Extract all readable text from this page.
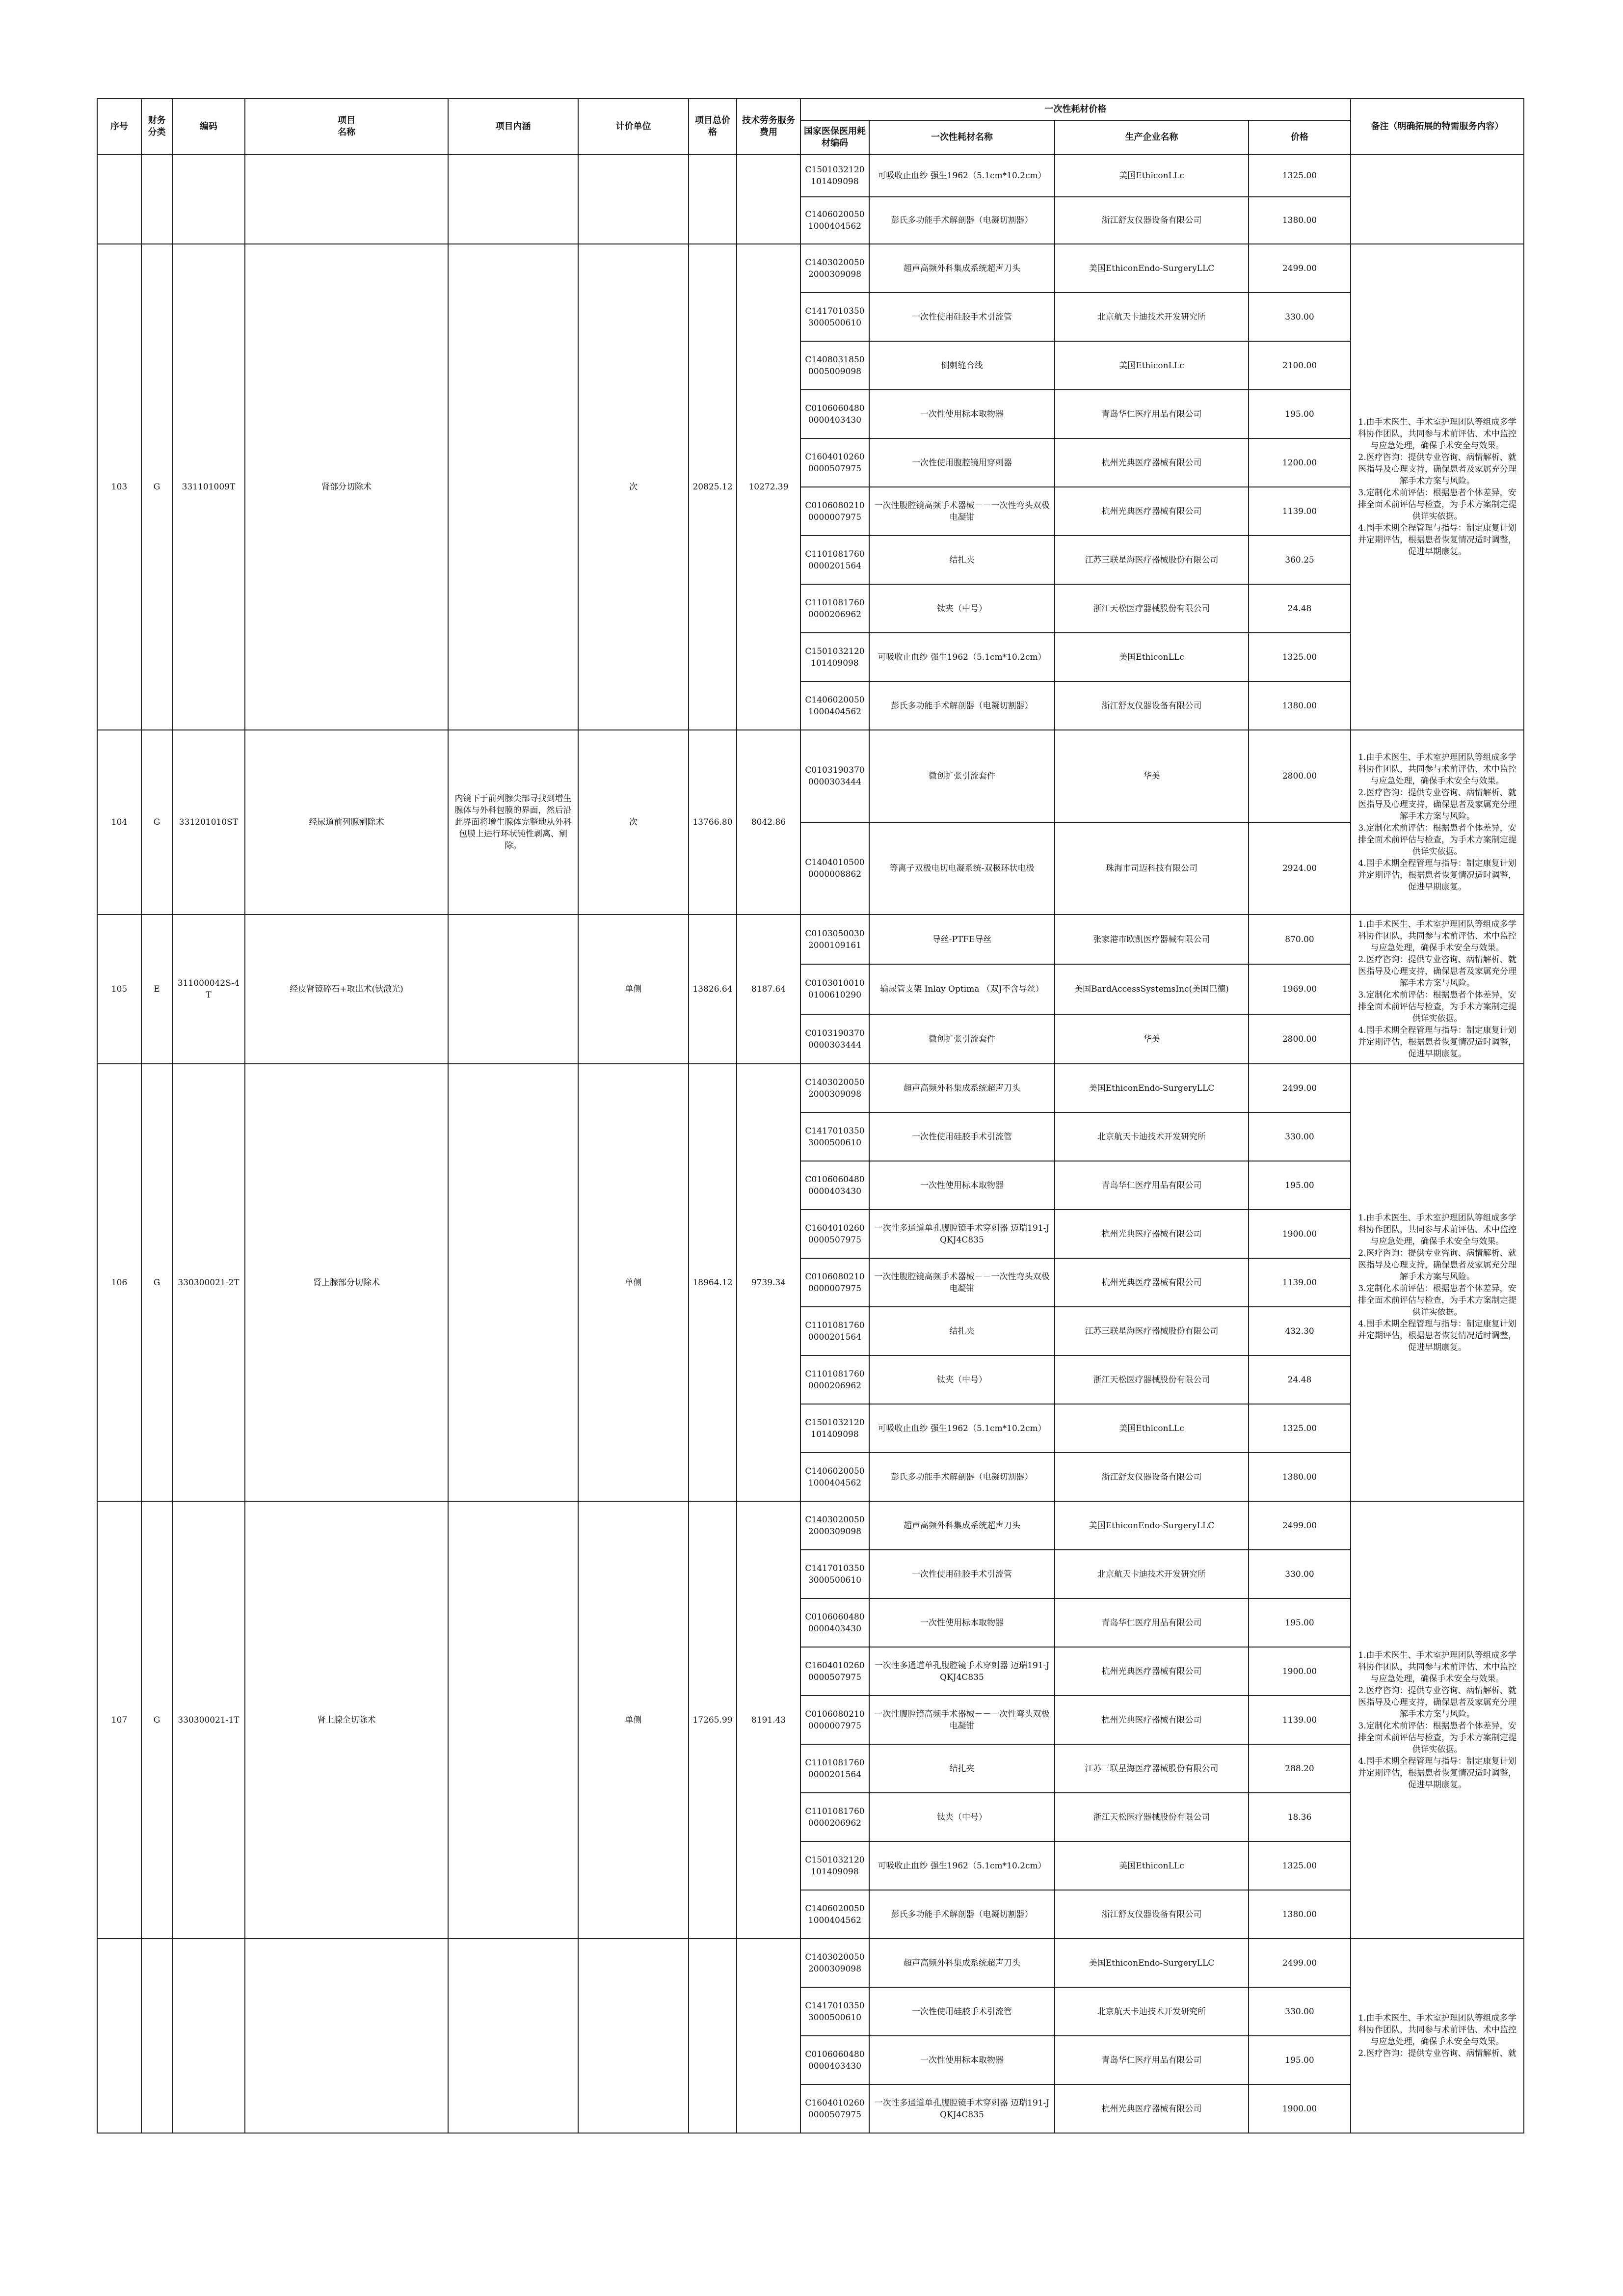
序号	财务分类	编码	项目
名称	项目内涵	计价单位	项目总价格	技术劳务服务费用	一次性耗材价格				备注（明确拓展的特需服务内容）
								国家医保医用耗材编码	一次性耗材名称	生产企业名称	价格	
								C15010321201014090​98	可吸收止血纱 强生1962（5.1cm*10.2cm）	美国EthiconLLc	1325.00	
								C14060200501000404562	彭氏多功能手术解剖器（电凝切割器）	浙江舒友仪器设备有限公司	1380.00	
103	G	331101009T	肾部分切除术		次	20825.12	10272.39	C14030200502000309098	超声高频外科集成系统超声刀头	美国EthiconEndo-SurgeryLLC	2499.00	1.由手术医生、手术室护理团队等组成多学科协作团队，共同参与术前评估、术中监控与应急处理，确保手术安全与效果。
2.医疗咨询：提供专业咨询、病情解析、就医指导及心理支持，确保患者及家属充分理解手术方案与风险。
3.定制化术前评估：根据患者个体差异，安排全面术前评估与检查，为手术方案制定提供详实依据。
4.围手术期全程管理与指导：制定康复计划并定期评估，根据患者恢复情况适时调整，促进早期康复。
								C14170103503000500610	一次性使用硅胶手术引流管	北京航天卡迪技术开发研究所	330.00	
								C14080318500005009098	倒刺缝合线	美国EthiconLLc	2100.00	
								C01060604800000403430	一次性使用标本取物器	青岛华仁医疗用品有限公司	195.00	
								C16040102600000507975	一次性使用腹腔镜用穿刺器	杭州光典医疗器械有限公司	1200.00	
								C01060802100000007975	一次性腹腔镜高频手术器械－－一次性弯头双极电凝钳	杭州光典医疗器械有限公司	1139.00	
								C11010817600000201564	结扎夹	江苏三联星海医疗器械股份有限公司	360.25	
								C11010817600000206962	钛夹（中号）	浙江天松医疗器械股份有限公司	24.48	
								C15010321201014090​98	可吸收止血纱 强生1962（5.1cm*10.2cm）	美国EthiconLLc	1325.00	
								C14060200501000404562	彭氏多功能手术解剖器（电凝切割器）	浙江舒友仪器设备有限公司	1380.00	
104	G	331201010ST	经尿道前列腺剜除术	内镜下于前列腺尖部寻找到增生腺体与外科包膜的界面，然后沿此界面将增生腺体完整地从外科包膜上进行环状钝性剥离、剜除。	次	13766.80	8042.86	C01031903700000303444	微创扩张引流套件	华美	2800.00	1.由手术医生、手术室护理团队等组成多学科协作团队，共同参与术前评估、术中监控与应急处理，确保手术安全与效果。
2.医疗咨询：提供专业咨询、病情解析、就医指导及心理支持，确保患者及家属充分理解手术方案与风险。
3.定制化术前评估：根据患者个体差异，安排全面术前评估与检查，为手术方案制定提供详实依据。
4.围手术期全程管理与指导：制定康复计划并定期评估，根据患者恢复情况适时调整，促进早期康复。
								C14040105000000008862	等离子双极电切电凝系统-双极环状电极	珠海市司迈科技有限公司	2924.00	
105	E	311000042S-4T	经皮肾镜碎石+取出术(钬激光)		单侧	13826.64	8187.64	C01030500302000109161	导丝-PTFE导丝	张家港市欧凯医疗器械有限公司	870.00	1.由手术医生、手术室护理团队等组成多学科协作团队，共同参与术前评估、术中监控与应急处理，确保手术安全与效果。
2.医疗咨询：提供专业咨询、病情解析、就医指导及心理支持，确保患者及家属充分理解手术方案与风险。
3.定制化术前评估：根据患者个体差异，安排全面术前评估与检查，为手术方案制定提供详实依据。
4.围手术期全程管理与指导：制定康复计划并定期评估，根据患者恢复情况适时调整，促进早期康复。
								C01030100100100610290	输尿管支架 Inlay Optima （双J不含导丝）	美国BardAccessSystemsInc(美国巴德)	1969.00	
								C01031903700000303444	微创扩张引流套件	华美	2800.00	
106	G	330300021-2T	肾上腺部分切除术		单侧	18964.12	9739.34	C14030200502000309098	超声高频外科集成系统超声刀头	美国EthiconEndo-SurgeryLLC	2499.00	1.由手术医生、手术室护理团队等组成多学科协作团队，共同参与术前评估、术中监控与应急处理，确保手术安全与效果。
2.医疗咨询：提供专业咨询、病情解析、就医指导及心理支持，确保患者及家属充分理解手术方案与风险。
3.定制化术前评估：根据患者个体差异，安排全面术前评估与检查，为手术方案制定提供详实依据。
4.围手术期全程管理与指导：制定康复计划并定期评估，根据患者恢复情况适时调整，促进早期康复。
								C14170103503000500610	一次性使用硅胶手术引流管	北京航天卡迪技术开发研究所	330.00	
								C01060604800000403430	一次性使用标本取物器	青岛华仁医疗用品有限公司	195.00	
								C16040102600000507975	一次性多通道单孔腹腔镜手术穿刺器 迈瑞191-JQKJ4C835	杭州光典医疗器械有限公司	1900.00	
								C01060802100000007975	一次性腹腔镜高频手术器械－－一次性弯头双极电凝钳	杭州光典医疗器械有限公司	1139.00	
								C11010817600000201564	结扎夹	江苏三联星海医疗器械股份有限公司	432.30	
								C11010817600000206962	钛夹（中号）	浙江天松医疗器械股份有限公司	24.48	
								C15010321201014090​98	可吸收止血纱 强生1962（5.1cm*10.2cm）	美国EthiconLLc	1325.00	
								C14060200501000404562	彭氏多功能手术解剖器（电凝切割器）	浙江舒友仪器设备有限公司	1380.00	
107	G	330300021-1T	肾上腺全切除术		单侧	17265.99	8191.43	C14030200502000309098	超声高频外科集成系统超声刀头	美国EthiconEndo-SurgeryLLC	2499.00	1.由手术医生、手术室护理团队等组成多学科协作团队，共同参与术前评估、术中监控与应急处理，确保手术安全与效果。
2.医疗咨询：提供专业咨询、病情解析、就医指导及心理支持，确保患者及家属充分理解手术方案与风险。
3.定制化术前评估：根据患者个体差异，安排全面术前评估与检查，为手术方案制定提供详实依据。
4.围手术期全程管理与指导：制定康复计划并定期评估，根据患者恢复情况适时调整，促进早期康复。
								C14170103503000500610	一次性使用硅胶手术引流管	北京航天卡迪技术开发研究所	330.00	
								C01060604800000403430	一次性使用标本取物器	青岛华仁医疗用品有限公司	195.00	
								C16040102600000507975	一次性多通道单孔腹腔镜手术穿刺器 迈瑞191-JQKJ4C835	杭州光典医疗器械有限公司	1900.00	
								C01060802100000007975	一次性腹腔镜高频手术器械－－一次性弯头双极电凝钳	杭州光典医疗器械有限公司	1139.00	
								C11010817600000201564	结扎夹	江苏三联星海医疗器械股份有限公司	288.20	
								C11010817600000206962	钛夹（中号）	浙江天松医疗器械股份有限公司	18.36	
								C15010321201014090​98	可吸收止血纱 强生1962（5.1cm*10.2cm）	美国EthiconLLc	1325.00	
								C14060200501000404562	彭氏多功能手术解剖器（电凝切割器）	浙江舒友仪器设备有限公司	1380.00	
								C14030200502000309098	超声高频外科集成系统超声刀头	美国EthiconEndo-SurgeryLLC	2499.00	1.由手术医生、手术室护理团队等组成多学科协作团队，共同参与术前评估、术中监控与应急处理，确保手术安全与效果。
2.医疗咨询：提供专业咨询、病情解析、就
								C14170103503000500610	一次性使用硅胶手术引流管	北京航天卡迪技术开发研究所	330.00	
								C01060604800000403430	一次性使用标本取物器	青岛华仁医疗用品有限公司	195.00	
								C16040102600000507975	一次性多通道单孔腹腔镜手术穿刺器 迈瑞191-JQKJ4C835	杭州光典医疗器械有限公司	1900.00	
